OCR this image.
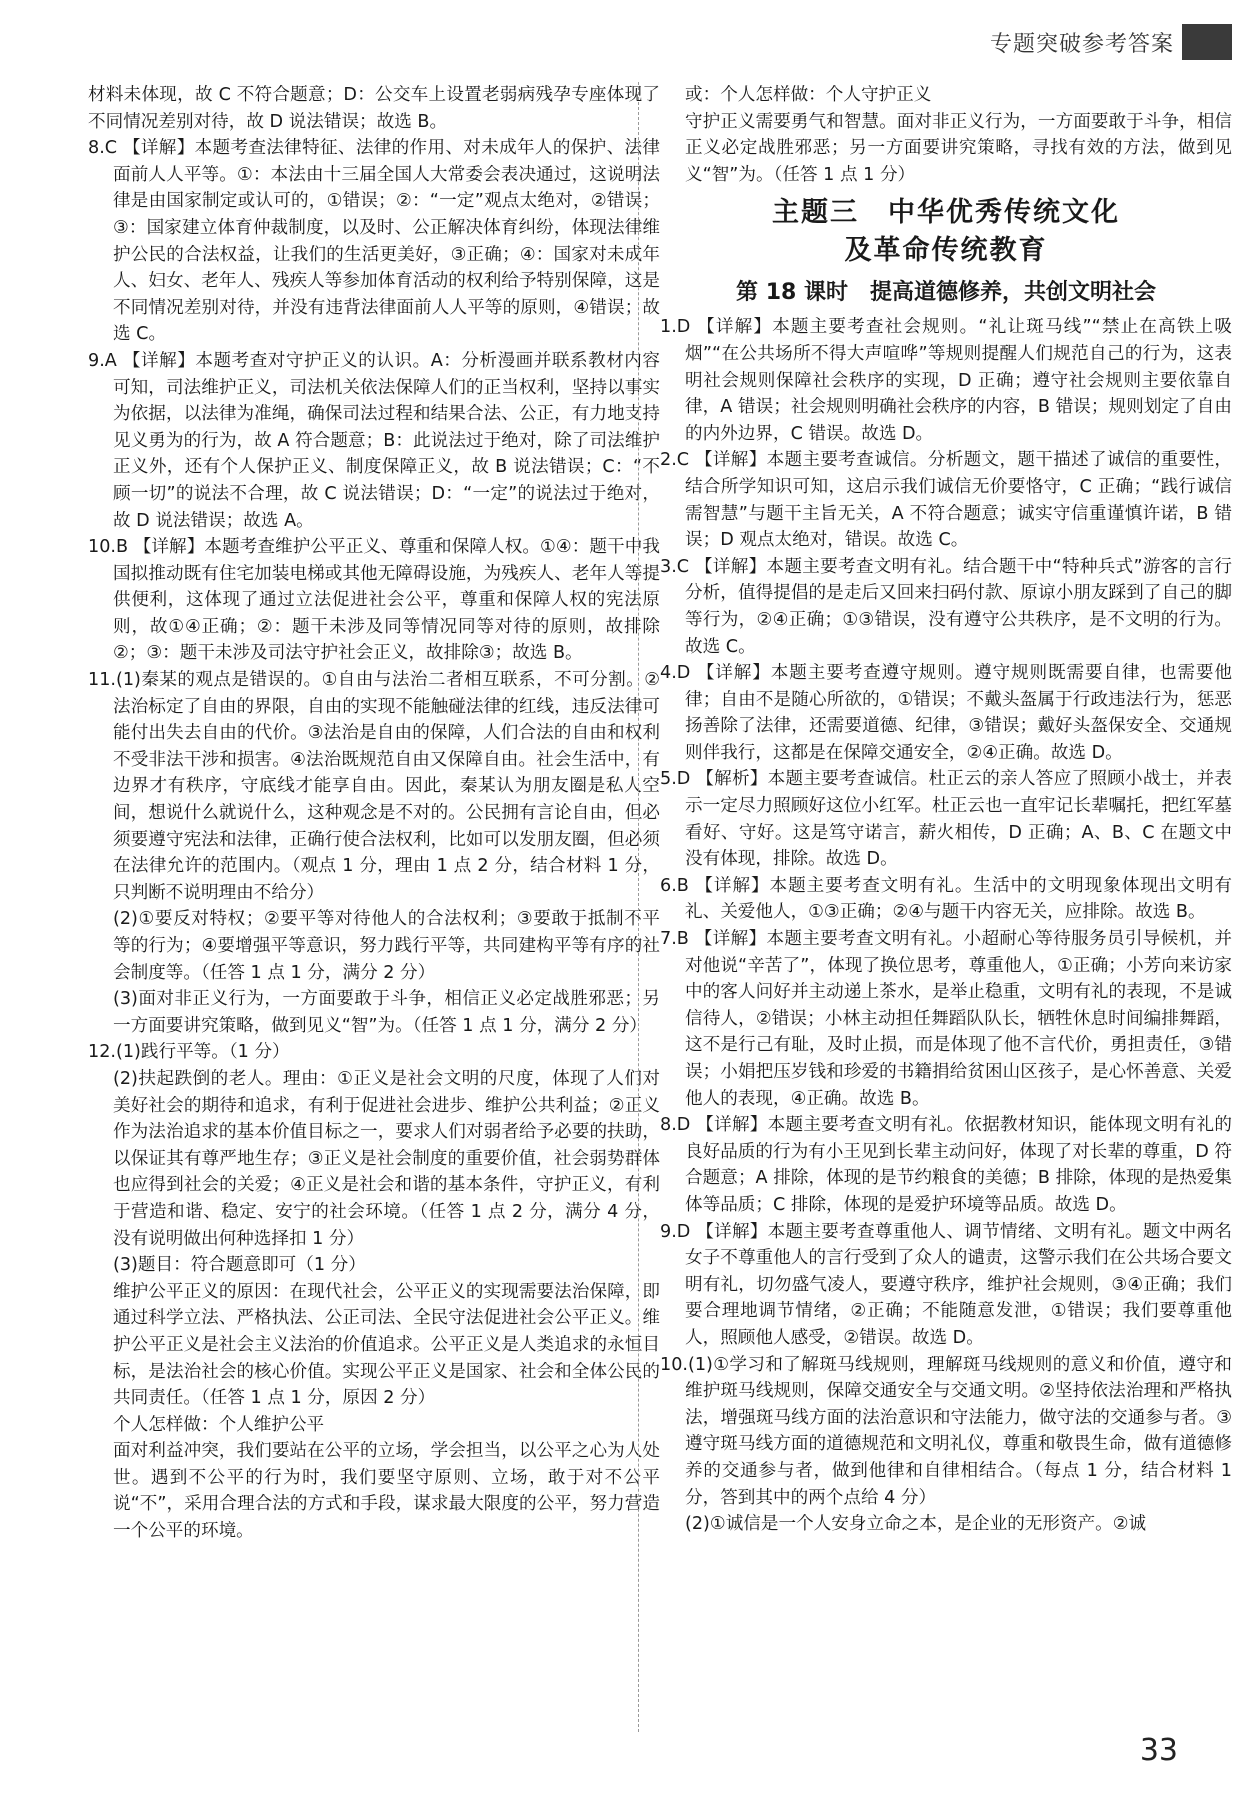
专题突破参考答案

材料未体现，故 C 不符合题意；D：公交车上设置老弱病残孕专座体现了不同情况差别对待，故 D 说法错误；故选 B。

8.C 【详解】本题考查法律特征、法律的作用、对未成年人的保护、法律面前人人平等。①：本法由十三届全国人大常委会表决通过，这说明法律是由国家制定或认可的，①错误；②：“一定”观点太绝对，②错误；③：国家建立体育仲裁制度，以及时、公正解决体育纠纷，体现法律维护公民的合法权益，让我们的生活更美好，③正确；④：国家对未成年人、妇女、老年人、残疾人等参加体育活动的权利给予特别保障，这是不同情况差别对待，并没有违背法律面前人人平等的原则，④错误；故选 C。

9.A 【详解】本题考查对守护正义的认识。A：分析漫画并联系教材内容可知，司法维护正义，司法机关依法保障人们的正当权利，坚持以事实为依据，以法律为准绳，确保司法过程和结果合法、公正，有力地支持见义勇为的行为，故 A 符合题意；B：此说法过于绝对，除了司法维护正义外，还有个人保护正义、制度保障正义，故 B 说法错误；C：“不顾一切”的说法不合理，故 C 说法错误；D：“一定”的说法过于绝对，故 D 说法错误；故选 A。

10.B 【详解】本题考查维护公平正义、尊重和保障人权。①④：题干中我国拟推动既有住宅加装电梯或其他无障碍设施，为残疾人、老年人等提供便利，这体现了通过立法促进社会公平，尊重和保障人权的宪法原则，故①④正确；②：题干未涉及同等情况同等对待的原则，故排除②；③：题干未涉及司法守护社会正义，故排除③；故选 B。

11.(1)秦某的观点是错误的。①自由与法治二者相互联系，不可分割。②法治标定了自由的界限，自由的实现不能触碰法律的红线，违反法律可能付出失去自由的代价。③法治是自由的保障，人们合法的自由和权利不受非法干涉和损害。④法治既规范自由又保障自由。社会生活中，有边界才有秩序，守底线才能享自由。因此，秦某认为朋友圈是私人空间，想说什么就说什么，这种观念是不对的。公民拥有言论自由，但必须要遵守宪法和法律，正确行使合法权利，比如可以发朋友圈，但必须在法律允许的范围内。（观点 1 分，理由 1 点 2 分，结合材料 1 分，只判断不说明理由不给分）

(2)①要反对特权；②要平等对待他人的合法权利；③要敢于抵制不平等的行为；④要增强平等意识，努力践行平等，共同建构平等有序的社会制度等。（任答 1 点 1 分，满分 2 分）

(3)面对非正义行为，一方面要敢于斗争，相信正义必定战胜邪恶；另一方面要讲究策略，做到见义“智”为。（任答 1 点 1 分，满分 2 分）

12.(1)践行平等。（1 分）

(2)扶起跌倒的老人。理由：①正义是社会文明的尺度，体现了人们对美好社会的期待和追求，有利于促进社会进步、维护公共利益；②正义作为法治追求的基本价值目标之一，要求人们对弱者给予必要的扶助，以保证其有尊严地生存；③正义是社会制度的重要价值，社会弱势群体也应得到社会的关爱；④正义是社会和谐的基本条件，守护正义，有利于营造和谐、稳定、安宁的社会环境。（任答 1 点 2 分，满分 4 分，没有说明做出何种选择扣 1 分）

(3)题目：符合题意即可（1 分）

维护公平正义的原因：在现代社会，公平正义的实现需要法治保障，即通过科学立法、严格执法、公正司法、全民守法促进社会公平正义。维护公平正义是社会主义法治的价值追求。公平正义是人类追求的永恒目标，是法治社会的核心价值。实现公平正义是国家、社会和全体公民的共同责任。（任答 1 点 1 分，原因 2 分）

个人怎样做：个人维护公平

面对利益冲突，我们要站在公平的立场，学会担当，以公平之心为人处世。遇到不公平的行为时，我们要坚守原则、立场，敢于对不公平说“不”，采用合理合法的方式和手段，谋求最大限度的公平，努力营造一个公平的环境。

或：个人怎样做：个人守护正义

守护正义需要勇气和智慧。面对非正义行为，一方面要敢于斗争，相信正义必定战胜邪恶；另一方面要讲究策略，寻找有效的方法，做到见义“智”为。（任答 1 点 1 分）

主题三　中华优秀传统文化
及革命传统教育
第 18 课时　提高道德修养，共创文明社会

1.D 【详解】本题主要考查社会规则。“礼让斑马线”“禁止在高铁上吸烟”“在公共场所不得大声喧哗”等规则提醒人们规范自己的行为，这表明社会规则保障社会秩序的实现，D 正确；遵守社会规则主要依靠自律，A 错误；社会规则明确社会秩序的内容，B 错误；规则划定了自由的内外边界，C 错误。故选 D。

2.C 【详解】本题主要考查诚信。分析题文，题干描述了诚信的重要性，结合所学知识可知，这启示我们诚信无价要恪守，C 正确；“践行诚信需智慧”与题干主旨无关，A 不符合题意；诚实守信重谨慎许诺，B 错误；D 观点太绝对，错误。故选 C。

3.C 【详解】本题主要考查文明有礼。结合题干中“特种兵式”游客的言行分析，值得提倡的是走后又回来扫码付款、原谅小朋友踩到了自己的脚等行为，②④正确；①③错误，没有遵守公共秩序，是不文明的行为。故选 C。

4.D 【详解】本题主要考查遵守规则。遵守规则既需要自律，也需要他律；自由不是随心所欲的，①错误；不戴头盔属于行政违法行为，惩恶扬善除了法律，还需要道德、纪律，③错误；戴好头盔保安全、交通规则伴我行，这都是在保障交通安全，②④正确。故选 D。

5.D 【解析】本题主要考查诚信。杜正云的亲人答应了照顾小战士，并表示一定尽力照顾好这位小红军。杜正云也一直牢记长辈嘱托，把红军墓看好、守好。这是笃守诺言，薪火相传，D 正确；A、B、C 在题文中没有体现，排除。故选 D。

6.B 【详解】本题主要考查文明有礼。生活中的文明现象体现出文明有礼、关爱他人，①③正确；②④与题干内容无关，应排除。故选 B。

7.B 【详解】本题主要考查文明有礼。小超耐心等待服务员引导候机，并对他说“辛苦了”，体现了换位思考，尊重他人，①正确；小芳向来访家中的客人问好并主动递上茶水，是举止稳重，文明有礼的表现，不是诚信待人，②错误；小林主动担任舞蹈队队长，牺牲休息时间编排舞蹈，这不是行己有耻，及时止损，而是体现了他不言代价，勇担责任，③错误；小娟把压岁钱和珍爱的书籍捐给贫困山区孩子，是心怀善意、关爱他人的表现，④正确。故选 B。

8.D 【详解】本题主要考查文明有礼。依据教材知识，能体现文明有礼的良好品质的行为有小王见到长辈主动问好，体现了对长辈的尊重，D 符合题意；A 排除，体现的是节约粮食的美德；B 排除，体现的是热爱集体等品质；C 排除，体现的是爱护环境等品质。故选 D。

9.D 【详解】本题主要考查尊重他人、调节情绪、文明有礼。题文中两名女子不尊重他人的言行受到了众人的谴责，这警示我们在公共场合要文明有礼，切勿盛气凌人，要遵守秩序，维护社会规则，③④正确；我们要合理地调节情绪，②正确；不能随意发泄，①错误；我们要尊重他人，照顾他人感受，②错误。故选 D。

10.(1)①学习和了解斑马线规则，理解斑马线规则的意义和价值，遵守和维护斑马线规则，保障交通安全与交通文明。②坚持依法治理和严格执法，增强斑马线方面的法治意识和守法能力，做守法的交通参与者。③遵守斑马线方面的道德规范和文明礼仪，尊重和敬畏生命，做有道德修养的交通参与者，做到他律和自律相结合。（每点 1 分，结合材料 1 分，答到其中的两个点给 4 分）

(2)①诚信是一个人安身立命之本，是企业的无形资产。②诚

33
